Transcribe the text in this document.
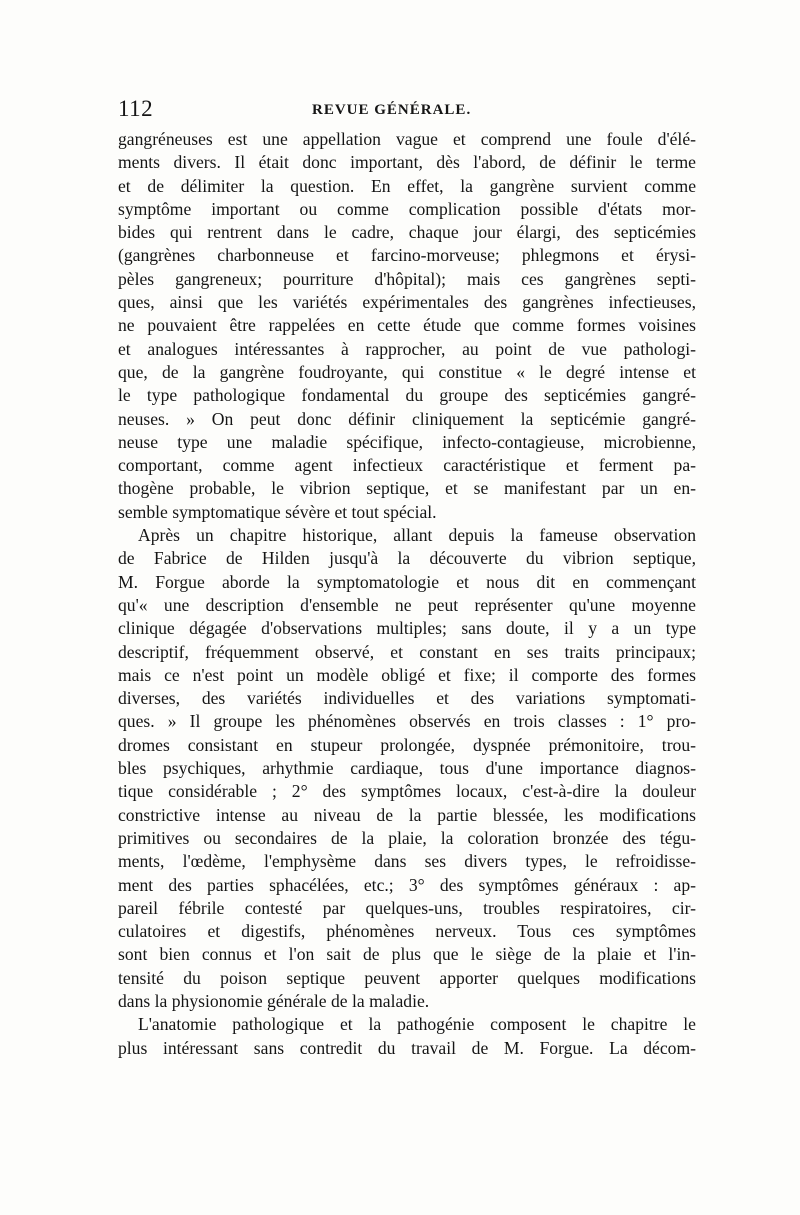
112	REVUE GÉNÉRALE.
gangréneuses est une appellation vague et comprend une foule d'élé-
ments divers. Il était donc important, dès l'abord, de définir le terme
et de délimiter la question. En effet, la gangrène survient comme
symptôme important ou comme complication possible d'états mor-
bides qui rentrent dans le cadre, chaque jour élargi, des septicémies
(gangrènes charbonneuse et farcino-morveuse; phlegmons et érysi-
pèles gangreneux; pourriture d'hôpital); mais ces gangrènes septi-
ques, ainsi que les variétés expérimentales des gangrènes infectieuses,
ne pouvaient être rappelées en cette étude que comme formes voisines
et analogues intéressantes à rapprocher, au point de vue pathologi-
que, de la gangrène foudroyante, qui constitue « le degré intense et
le type pathologique fondamental du groupe des septicémies gangré-
neuses. » On peut donc définir cliniquement la septicémie gangré-
neuse type une maladie spécifique, infecto-contagieuse, microbienne,
comportant, comme agent infectieux caractéristique et ferment pa-
thogène probable, le vibrion septique, et se manifestant par un en-
semble symptomatique sévère et tout spécial.
Après un chapitre historique, allant depuis la fameuse observation
de Fabrice de Hilden jusqu'à la découverte du vibrion septique,
M. Forgue aborde la symptomatologie et nous dit en commençant
qu'« une description d'ensemble ne peut représenter qu'une moyenne
clinique dégagée d'observations multiples; sans doute, il y a un type
descriptif, fréquemment observé, et constant en ses traits principaux;
mais ce n'est point un modèle obligé et fixe; il comporte des formes
diverses, des variétés individuelles et des variations symptomati-
ques. » Il groupe les phénomènes observés en trois classes : 1° pro-
dromes consistant en stupeur prolongée, dyspnée prémonitoire, trou-
bles psychiques, arhythmie cardiaque, tous d'une importance diagnos-
tique considérable ; 2° des symptômes locaux, c'est-à-dire la douleur
constrictive intense au niveau de la partie blessée, les modifications
primitives ou secondaires de la plaie, la coloration bronzée des tégu-
ments, l'œdème, l'emphysème dans ses divers types, le refroidisse-
ment des parties sphacélées, etc.; 3° des symptômes généraux : ap-
pareil fébrile contesté par quelques-uns, troubles respiratoires, cir-
culatoires et digestifs, phénomènes nerveux. Tous ces symptômes
sont bien connus et l'on sait de plus que le siège de la plaie et l'in-
tensité du poison septique peuvent apporter quelques modifications
dans la physionomie générale de la maladie.
L'anatomie pathologique et la pathogénie composent le chapitre le
plus intéressant sans contredit du travail de M. Forgue. La décom-
